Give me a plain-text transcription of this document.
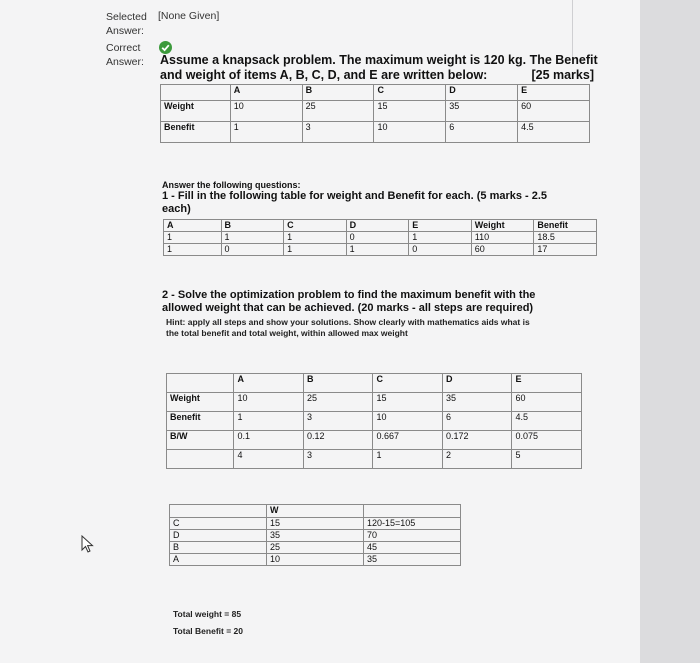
Selected Answer:
[None Given]
Correct Answer:	Assume a knapsack problem. The maximum weight is 120 kg. The Benefit
and weight of items A, B, C, D, and E are written below:	[25 marks]
	A	B	C	D	E
Weight	10	25	15	35	60
Benefit	1	3	10	6	4.5
Answer the following questions:
1 - Fill in the following table for weight and Benefit for each. (5 marks - 2.5
each)
A	B	C	D	E	Weight	Benefit
1	1	1	0	1	110	18.5
1	0	1	1	0	60	17
2 - Solve the optimization problem to find the maximum benefit with the
allowed weight that can be achieved. (20 marks - all steps are required)
Hint: apply all steps and show your solutions. Show clearly with mathematics aids what is
the total benefit and total weight, within allowed max weight
	A	B	C	D	E
Weight	10	25	15	35	60
Benefit	1	3	10	6	4.5
B/W	0.1	0.12	0.667	0.172	0.075
	4	3	1	2	5
	W	
C	15	120-15=105
D	35	70
B	25	45
A	10	35
Total weight = 85
Total Benefit = 20
